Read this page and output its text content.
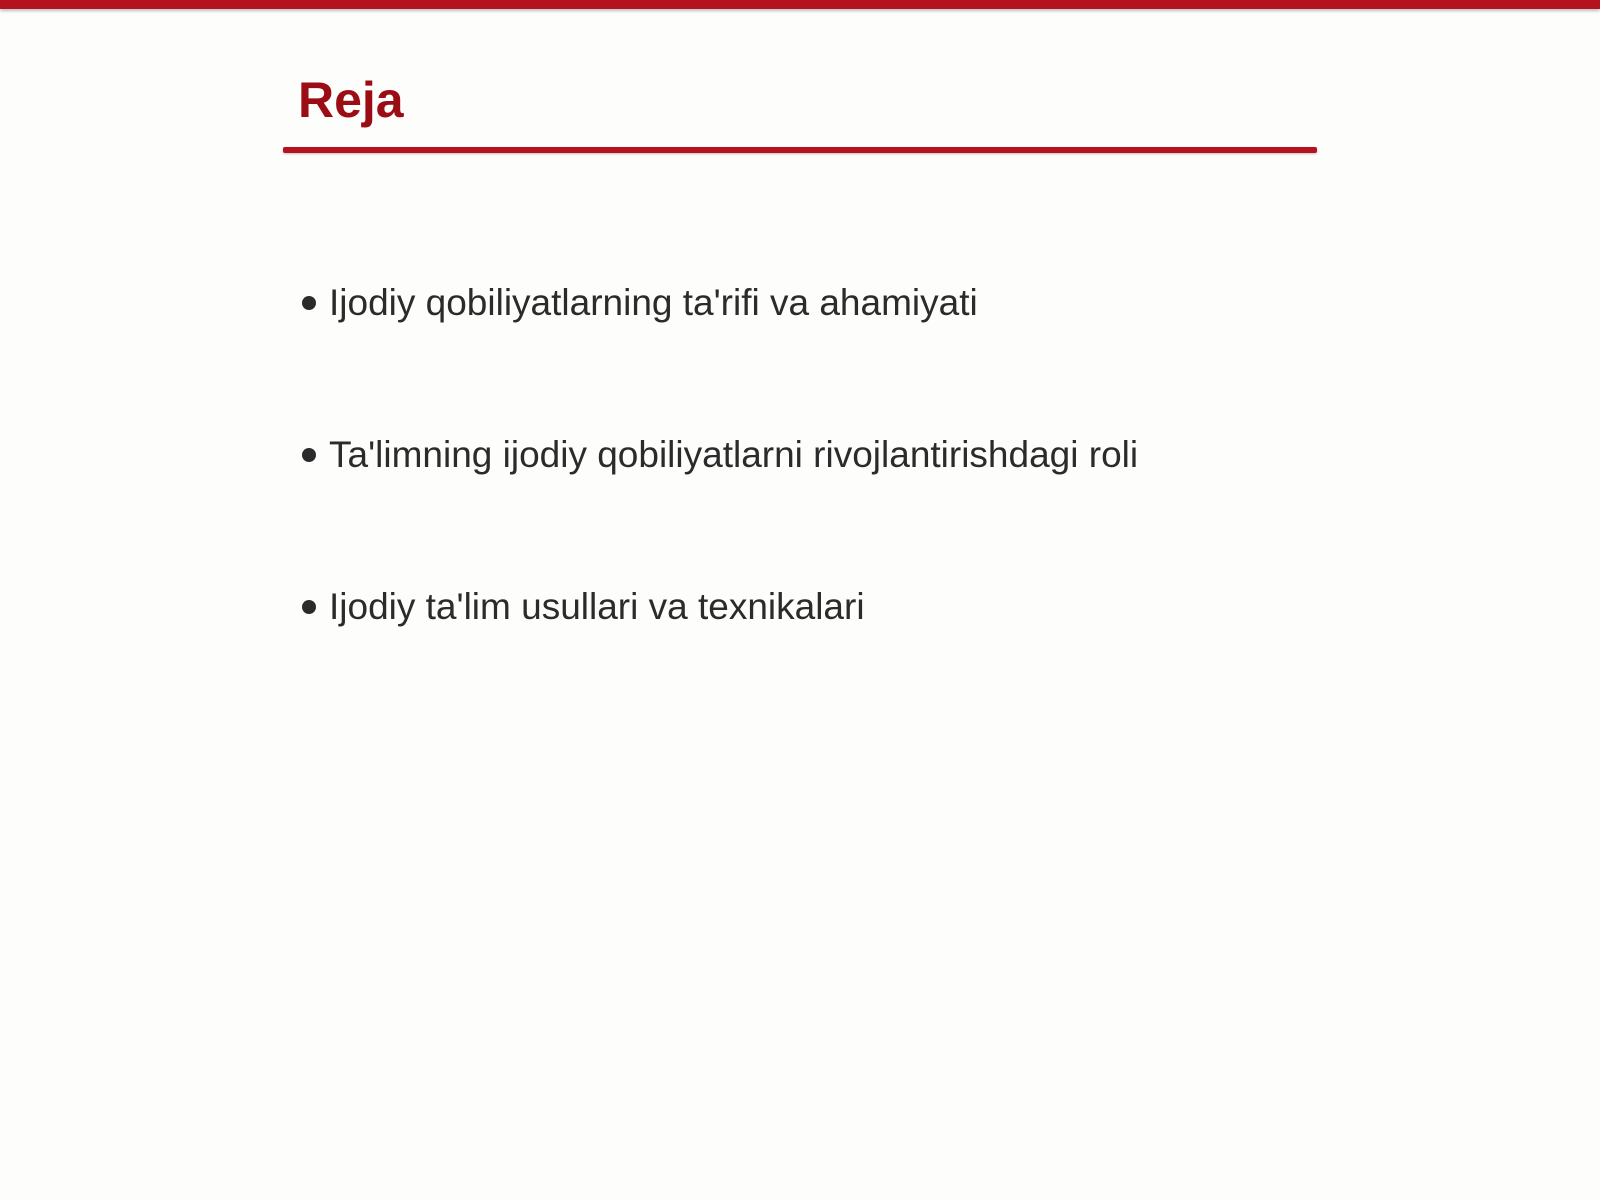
Reja
Ijodiy qobiliyatlarning ta'rifi va ahamiyati
Ta'limning ijodiy qobiliyatlarni rivojlantirishdagi roli
Ijodiy ta'lim usullari va texnikalari
